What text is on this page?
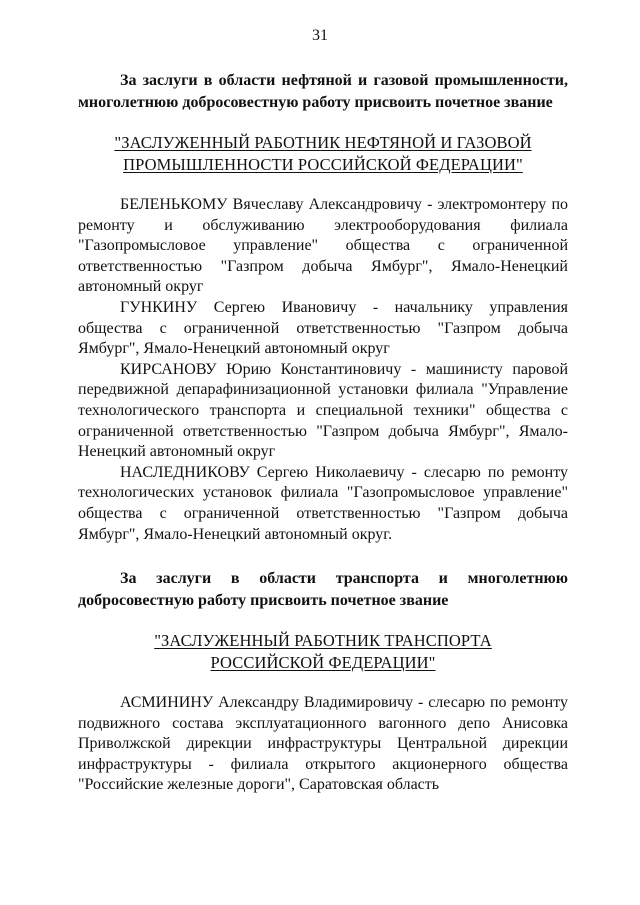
31

За заслуги в области нефтяной и газовой промышленности, многолетнюю добросовестную работу присвоить почетное звание

"ЗАСЛУЖЕННЫЙ РАБОТНИК НЕФТЯНОЙ И ГАЗОВОЙ

ПРОМЫШЛЕННОСТИ РОССИЙСКОЙ ФЕДЕРАЦИИ"

БЕЛЕНЬКОМУ Вячеславу Александровичу - электромонтеру по ремонту и обслуживанию электрооборудования филиала "Газопромысловое управление" общества с ограниченной ответственностью "Газпром добыча Ямбург", Ямало-Ненецкий автономный округ

ГУНКИНУ Сергею Ивановичу - начальнику управления общества с ограниченной ответственностью "Газпром добыча Ямбург", Ямало-Ненецкий автономный округ

КИРСАНОВУ Юрию Константиновичу - машинисту паровой передвижной депарафинизационной установки филиала "Управление технологического транспорта и специальной техники" общества с ограниченной ответственностью "Газпром добыча Ямбург", Ямало-Ненецкий автономный округ

НАСЛЕДНИКОВУ Сергею Николаевичу - слесарю по ремонту технологических установок филиала "Газопромысловое управление" общества с ограниченной ответственностью "Газпром добыча Ямбург", Ямало-Ненецкий автономный округ.

За заслуги в области транспорта и многолетнюю добросовестную работу присвоить почетное звание

"ЗАСЛУЖЕННЫЙ РАБОТНИК ТРАНСПОРТА

РОССИЙСКОЙ ФЕДЕРАЦИИ"

АСМИНИНУ Александру Владимировичу - слесарю по ремонту подвижного состава эксплуатационного вагонного депо Анисовка Приволжской дирекции инфраструктуры Центральной дирекции инфраструктуры - филиала открытого акционерного общества "Российские железные дороги", Саратовская область
